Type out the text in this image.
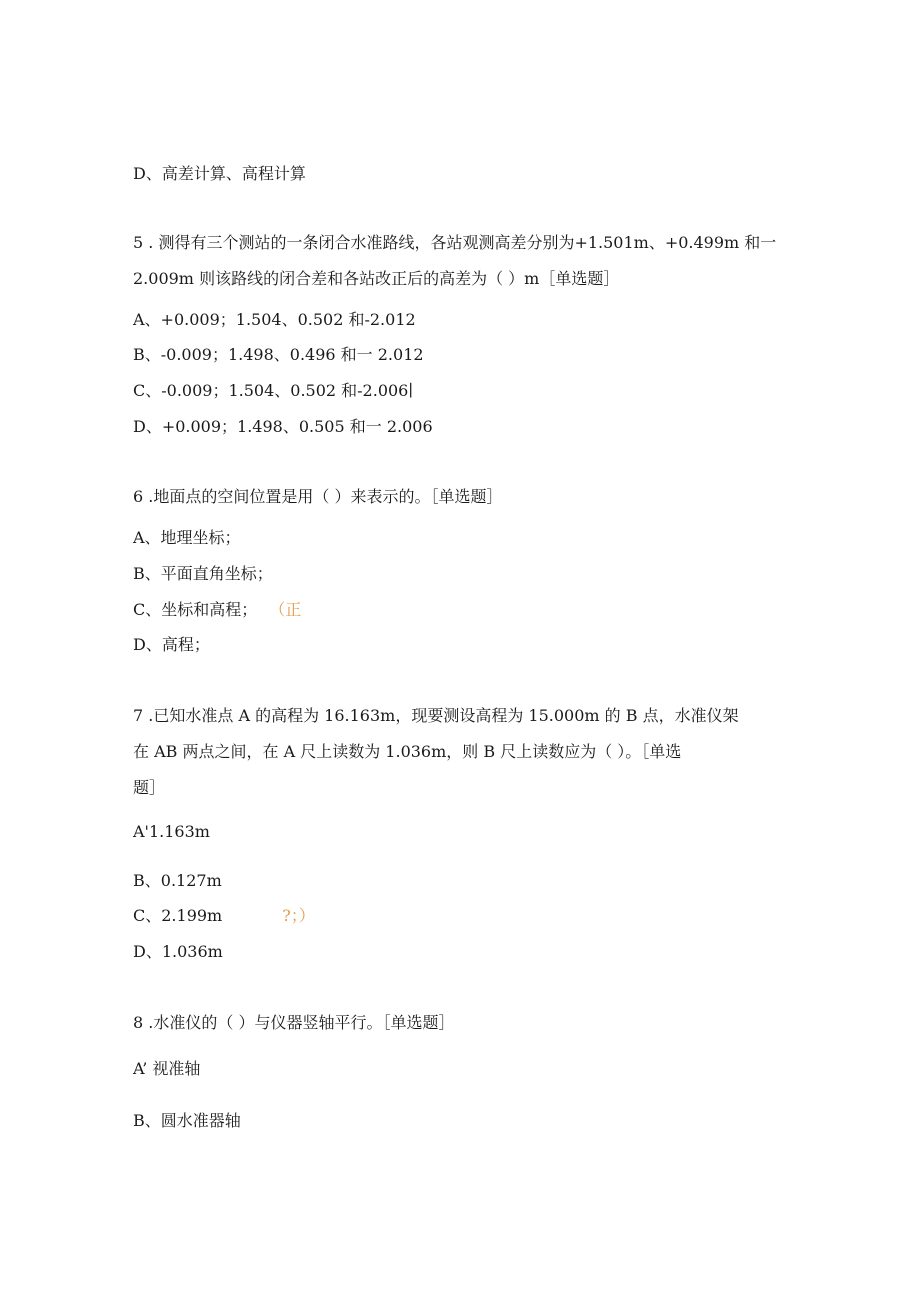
D、高差计算、高程计算
5 . 测得有三个测站的一条闭合水准路线，各站观测高差分别为+1.501m、+0.499m 和一
2.009m 则该路线的闭合差和各站改正后的高差为（ ）m［单选题］
A、+0.009；1.504、0.502 和-2.012
B、-0.009；1.498、0.496 和一 2.012
C、-0.009；1.504、0.502 和-2.006∣
D、+0.009；1.498、0.505 和一 2.006
6 .地面点的空间位置是用（ ）来表示的。［单选题］
A、地理坐标；
B、平面直角坐标；
C、坐标和高程； （正
D、高程；
7 .已知水准点 A 的高程为 16.163m，现要测设高程为 15.000m 的 B 点，水准仪架
在 AB 两点之间，在 A 尺上读数为 1.036m，则 B 尺上读数应为（ ）。［单选
题］
A'1.163m
B、0.127m
C、2.199m	?；）
D、1.036m
8 .水准仪的（ ）与仪器竖轴平行。［单选题］
A’ 视准轴
B、圆水准器轴
